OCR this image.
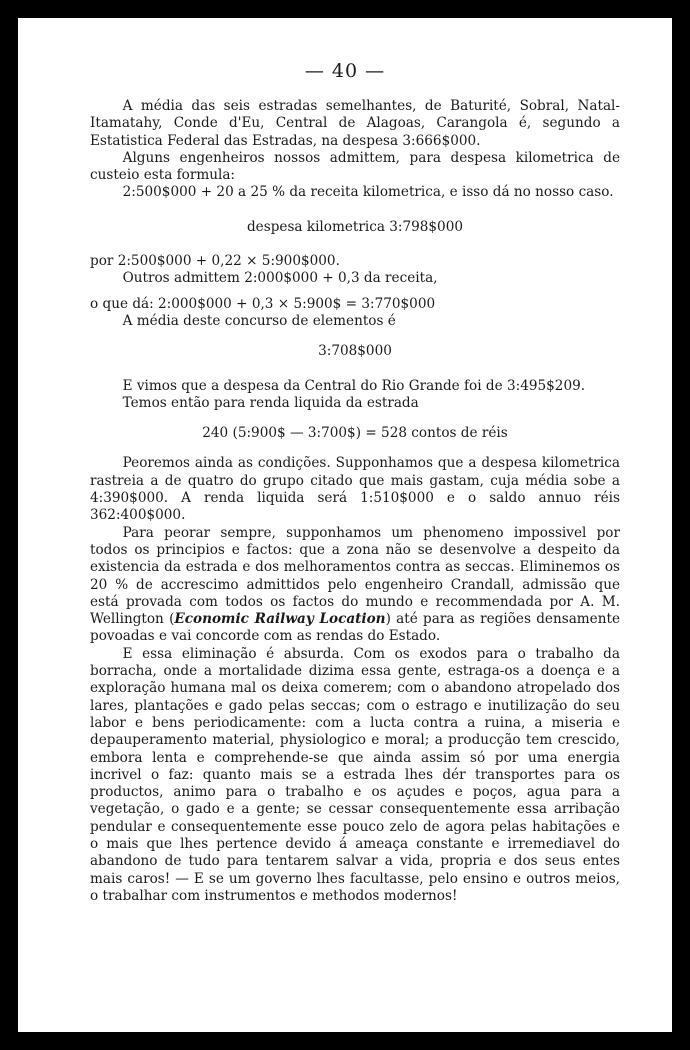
— 40 —

A média das seis estradas semelhantes, de Baturité, Sobral, Natal-Itamatahy, Conde d'Eu, Central de Alagoas, Carangola é, segundo a Estatistica Federal das Estradas, na despesa 3:666$000.

Alguns engenheiros nossos admittem, para despesa kilometrica de custeio esta formula:

2:500$000 + 20 a 25 % da receita kilometrica, e isso dá no nosso caso.

despesa kilometrica 3:798$000

por 2:500$000 + 0,22 × 5:900$000.

Outros admittem 2:000$000 + 0,3 da receita,

o que dá: 2:000$000 + 0,3 × 5:900$ = 3:770$000

A média deste concurso de elementos é

3:708$000

E vimos que a despesa da Central do Rio Grande foi de 3:495$209.

Temos então para renda liquida da estrada

240 (5:900$ — 3:700$) = 528 contos de réis

Peoremos ainda as condições. Supponhamos que a despesa kilometrica rastreia a de quatro do grupo citado que mais gastam, cuja média sobe a 4:390$000. A renda liquida será 1:510$000 e o saldo annuo réis 362:400$000.

Para peorar sempre, supponhamos um phenomeno impossivel por todos os principios e factos: que a zona não se desenvolve a despeito da existencia da estrada e dos melhoramentos contra as seccas. Eliminemos os 20 % de accrescimo admittidos pelo engenheiro Crandall, admissão que está provada com todos os factos do mundo e recommendada por A. M. Wellington (Economic Railway Location) até para as regiões densamente povoadas e vai concorde com as rendas do Estado.

E essa eliminação é absurda. Com os exodos para o trabalho da borracha, onde a mortalidade dizima essa gente, estraga-os a doença e a exploração humana mal os deixa comerem; com o abandono atropelado dos lares, plantações e gado pelas seccas; com o estrago e inutilização do seu labor e bens periodicamente: com a lucta contra a ruina, a miseria e depauperamento material, physiologico e moral; a producção tem crescido, embora lenta e comprehende-se que ainda assim só por uma energia incrivel o faz: quanto mais se a estrada lhes dér transportes para os productos, animo para o trabalho e os açudes e poços, agua para a vegetação, o gado e a gente; se cessar consequentemente essa arribação pendular e consequentemente esse pouco zelo de agora pelas habitações e o mais que lhes pertence devido á ameaça constante e irremediavel do abandono de tudo para tentarem salvar a vida, propria e dos seus entes mais caros! — E se um governo lhes facultasse, pelo ensino e outros meios, o trabalhar com instrumentos e methodos modernos!
